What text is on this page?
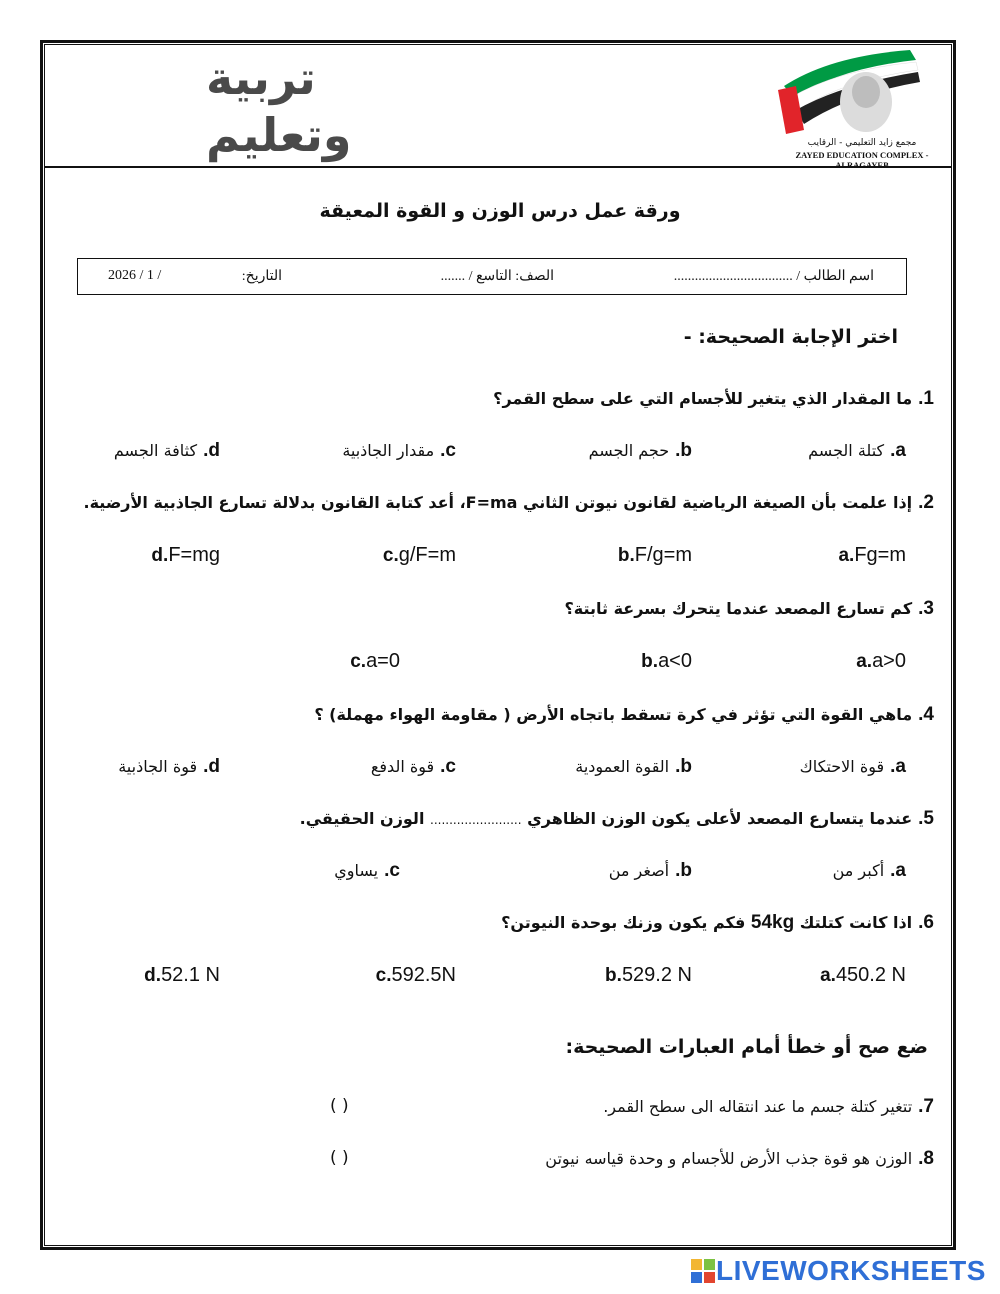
تربية
وتعليم	مجمع زايد التعليمي - الرقايب
ZAYED EDUCATION COMPLEX - ALRAGAYEB
ورقة عمل درس الوزن و القوة المعيقة
اسم الطالب / ..................................
الصف: التاسع / .......
التاريخ:
2026 / 1 /
اختر الإجابة الصحيحة: -
1.ما المقدار الذي يتغير للأجسام التي على سطح القمر؟
a.كتلة الجسم
b.حجم الجسم
c.مقدار الجاذبية
d.كثافة الجسم
2.إذا علمت بأن الصيغة الرياضية لقانون نيوتن الثاني F=ma، أعد كتابة القانون بدلالة تسارع الجاذبية الأرضية.
a.Fg=m
b.F/g=m
c.g/F=m
d.F=mg
3.كم تسارع المصعد عندما يتحرك بسرعة ثابتة؟
a.a>0
b.a<0
c.a=0
4.ماهي القوة التي تؤثر في كرة تسقط باتجاه الأرض ( مقاومة الهواء مهملة) ؟
a.قوة الاحتكاك
b.القوة العمودية
c.قوة الدفع
d.قوة الجاذبية
5.عندما يتسارع المصعد لأعلى يكون الوزن الظاهري ........................ الوزن الحقيقي.
a.أكبر من
b.أصغر من
c.يساوي
6.اذا كانت كتلتك 54kg فكم يكون وزنك بوحدة النيوتن؟
a.450.2 N
b.529.2 N
c.592.5N
d.52.1 N
ضع صح أو خطأ أمام العبارات الصحيحة:
7.تتغير كتلة جسم ما عند انتقاله الى سطح القمر.
( )
8.الوزن هو قوة جذب الأرض للأجسام و وحدة قياسه نيوتن
( )
LIVEWORKSHEETS
